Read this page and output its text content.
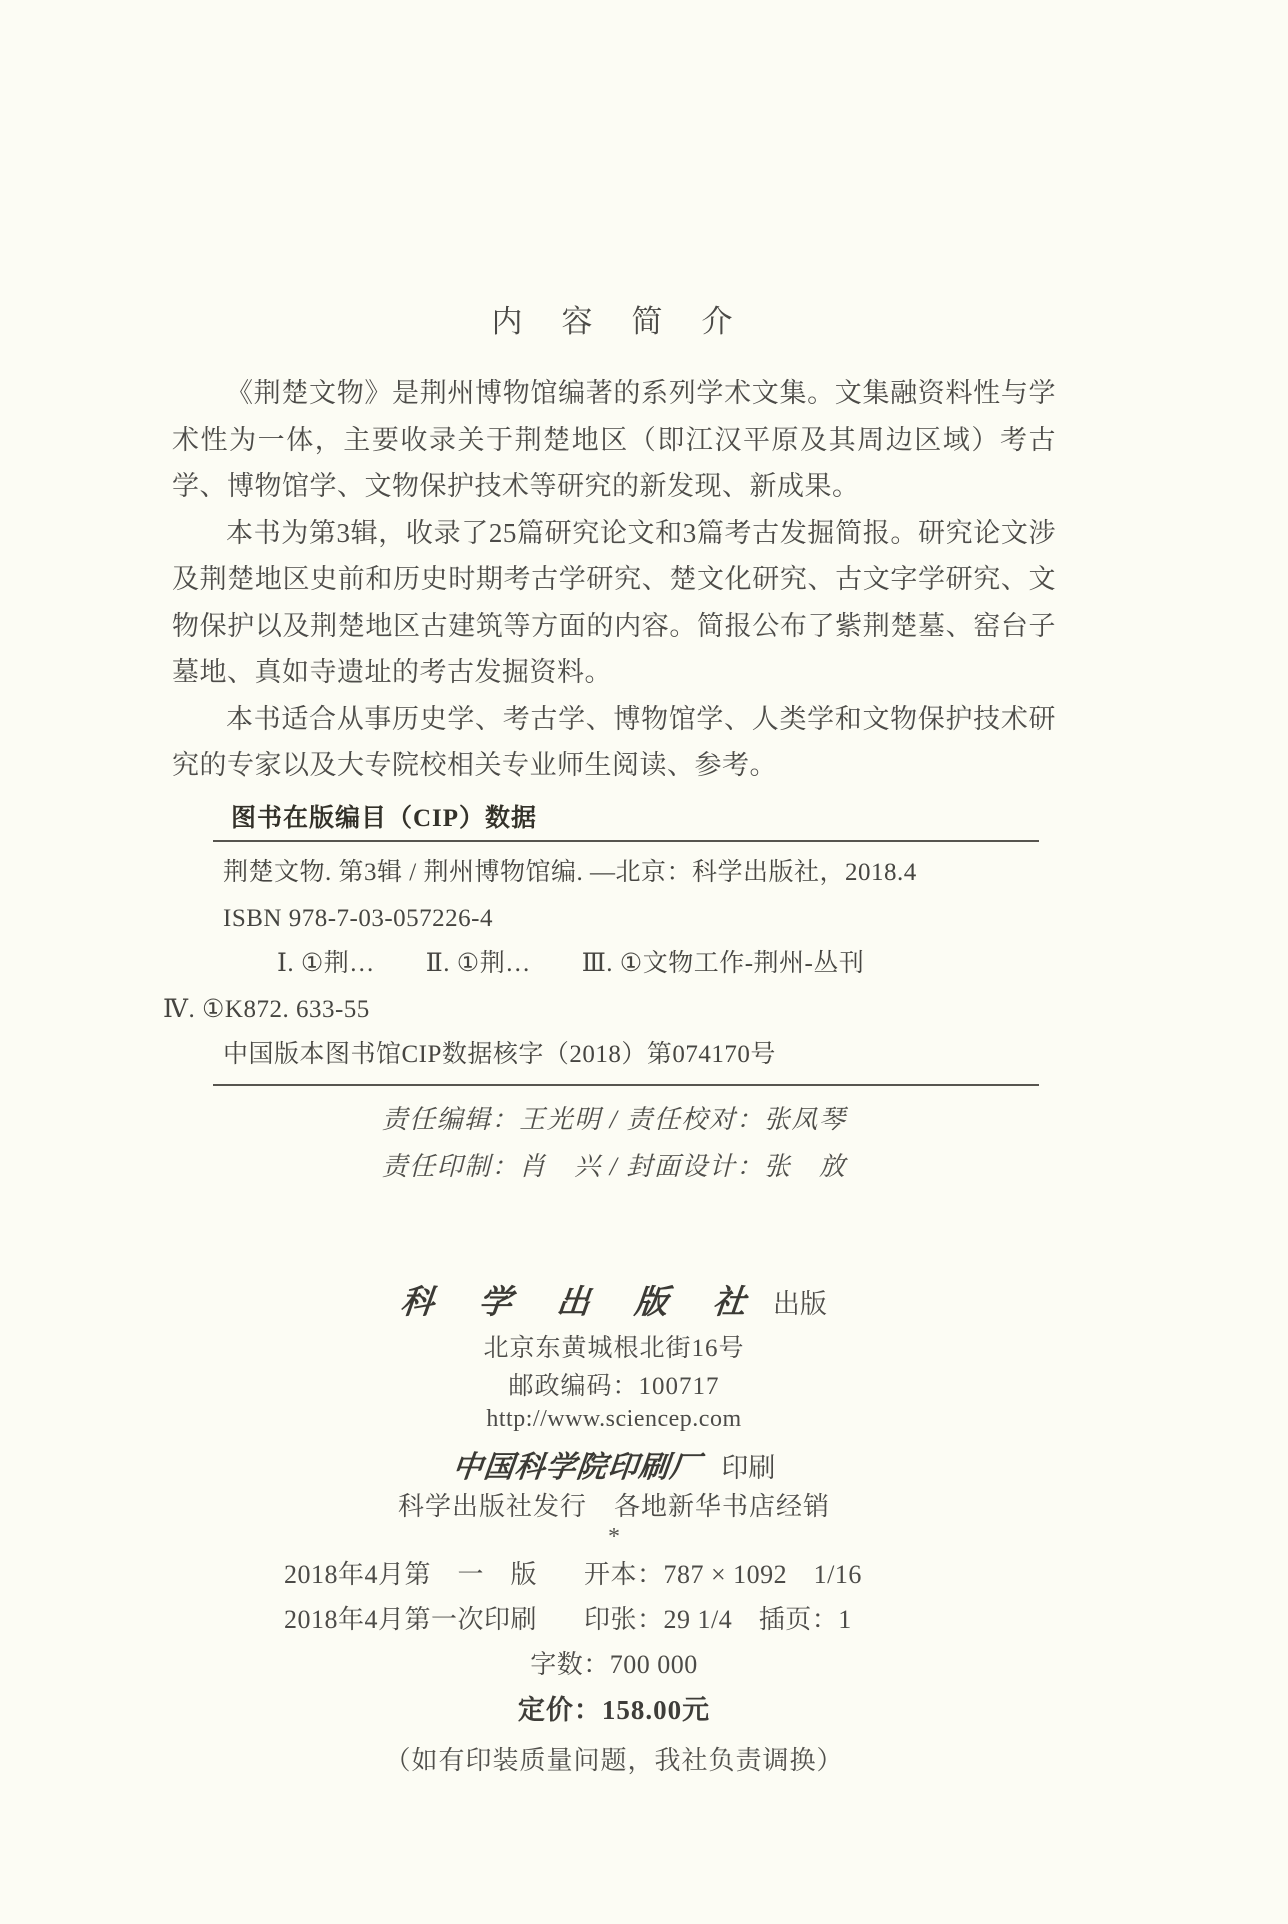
内　容　简　介

《荆楚文物》是荆州博物馆编著的系列学术文集。文集融资料性与学术性为一体，主要收录关于荆楚地区（即江汉平原及其周边区域）考古学、博物馆学、文物保护技术等研究的新发现、新成果。

本书为第3辑，收录了25篇研究论文和3篇考古发掘简报。研究论文涉及荆楚地区史前和历史时期考古学研究、楚文化研究、古文字学研究、文物保护以及荆楚地区古建筑等方面的内容。简报公布了紫荆楚墓、窑台子墓地、真如寺遗址的考古发掘资料。

本书适合从事历史学、考古学、博物馆学、人类学和文物保护技术研究的专家以及大专院校相关专业师生阅读、参考。

图书在版编目（CIP）数据
荆楚文物. 第3辑 / 荆州博物馆编. —北京：科学出版社，2018.4
ISBN 978-7-03-057226-4
Ⅰ. ①荆…　　Ⅱ. ①荆…　　Ⅲ. ①文物工作-荆州-丛刊
Ⅳ. ①K872. 633-55
中国版本图书馆CIP数据核字（2018）第074170号
责任编辑：王光明 / 责任校对：张凤琴
责任印制：肖　兴 / 封面设计：张　放
科　学　出　版　社 出版
北京东黄城根北街16号
邮政编码：100717
http://www.sciencep.com
中国科学院印刷厂 印刷
科学出版社发行　各地新华书店经销
*
2018年4月第　一　版	开本：787 × 1092　1/16
2018年4月第一次印刷	印张：29 1/4　插页：1
字数：700 000
定价：158.00元
（如有印装质量问题，我社负责调换）
